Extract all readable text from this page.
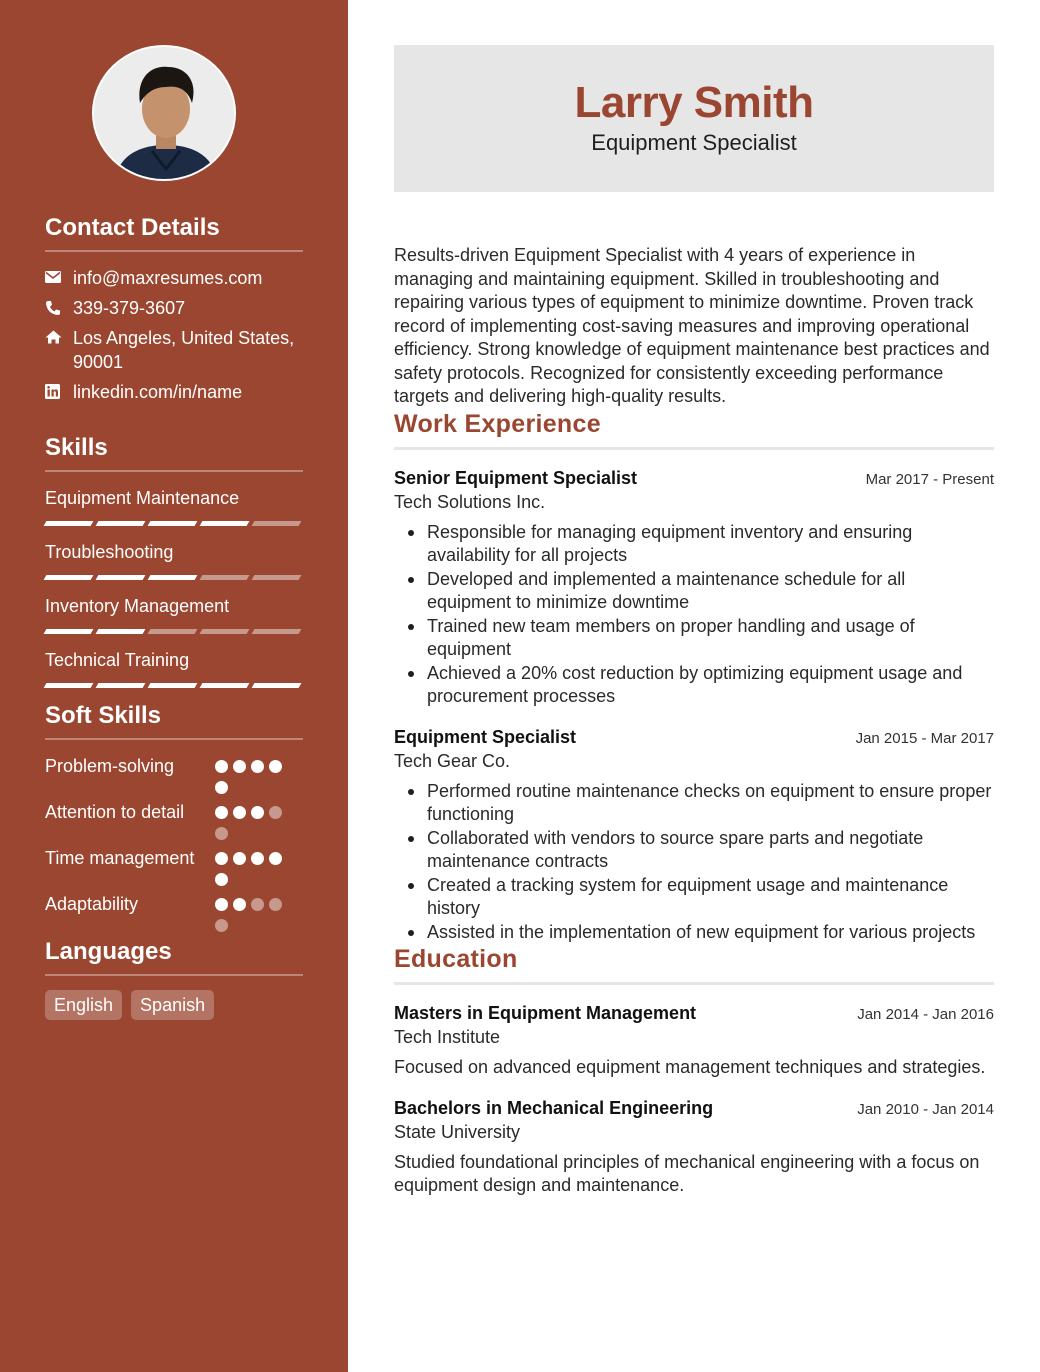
Contact Details
info@maxresumes.com
339-379-3607
Los Angeles, United States, 90001
linkedin.com/in/name
Skills
Equipment Maintenance
Troubleshooting
Inventory Management
Technical Training
Soft Skills
Problem-solving
Attention to detail
Time management
Adaptability
Languages
English	Spanish
Larry Smith
Equipment Specialist

Results-driven Equipment Specialist with 4 years of experience in managing and maintaining equipment. Skilled in troubleshooting and repairing various types of equipment to minimize downtime. Proven track record of implementing cost-saving measures and improving operational efficiency. Strong knowledge of equipment maintenance best practices and safety protocols. Recognized for consistently exceeding performance targets and delivering high-quality results.

Work Experience
Senior Equipment Specialist	Mar 2017 - Present
Tech Solutions Inc.
Responsible for managing equipment inventory and ensuring availability for all projects
Developed and implemented a maintenance schedule for all equipment to minimize downtime
Trained new team members on proper handling and usage of equipment
Achieved a 20% cost reduction by optimizing equipment usage and procurement processes
Equipment Specialist	Jan 2015 - Mar 2017
Tech Gear Co.
Performed routine maintenance checks on equipment to ensure proper functioning
Collaborated with vendors to source spare parts and negotiate maintenance contracts
Created a tracking system for equipment usage and maintenance history
Assisted in the implementation of new equipment for various projects
Education
Masters in Equipment Management	Jan 2014 - Jan 2016
Tech Institute

Focused on advanced equipment management techniques and strategies.

Bachelors in Mechanical Engineering	Jan 2010 - Jan 2014
State University

Studied foundational principles of mechanical engineering with a focus on equipment design and maintenance.
